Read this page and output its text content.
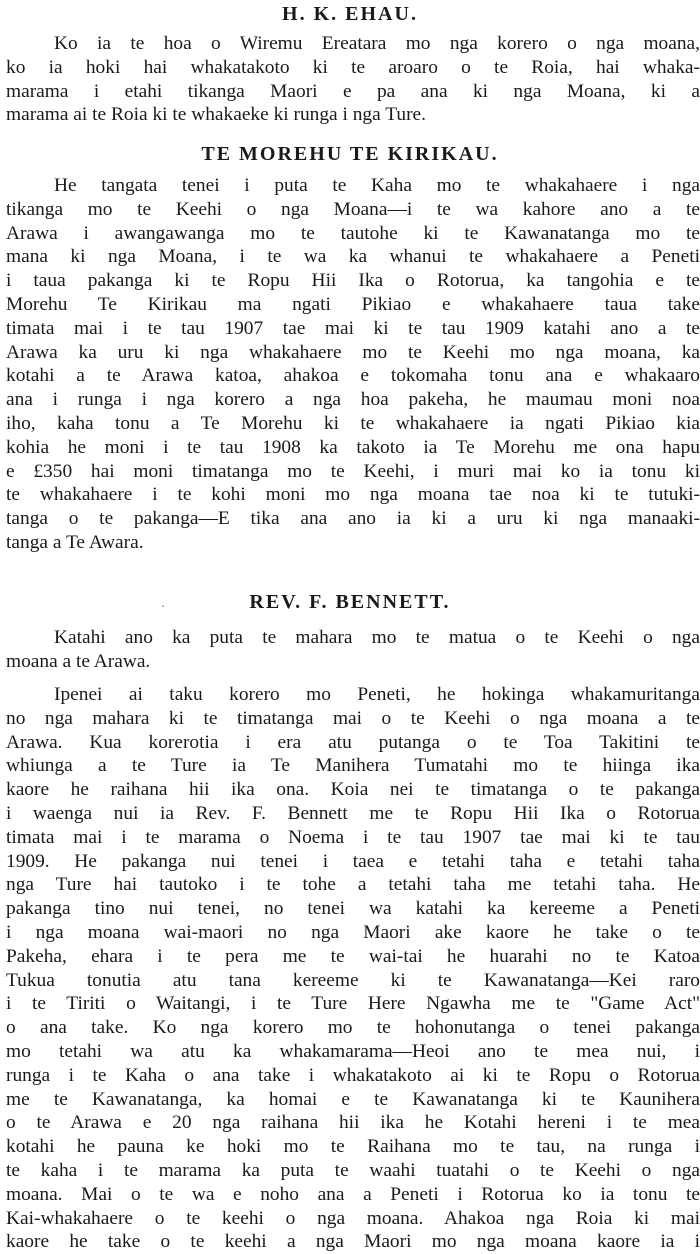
H. K. EHAU.
Ko ia te hoa o Wiremu Ereatara mo nga korero o nga moana,
ko ia hoki hai whakatakoto ki te aroaro o te Roia, hai whaka-
marama i etahi tikanga Maori e pa ana ki nga Moana, ki a
marama ai te Roia ki te whakaeke ki runga i nga Ture.
TE MOREHU TE KIRIKAU.
He tangata tenei i puta te Kaha mo te whakahaere i nga
tikanga mo te Keehi o nga Moana—i te wa kahore ano a te
Arawa i awangawanga mo te tautohe ki te Kawanatanga mo te
mana ki nga Moana, i te wa ka whanui te whakahaere a Peneti
i taua pakanga ki te Ropu Hii Ika o Rotorua, ka tangohia e te
Morehu Te Kirikau ma ngati Pikiao e whakahaere taua take
timata mai i te tau 1907 tae mai ki te tau 1909 katahi ano a te
Arawa ka uru ki nga whakahaere mo te Keehi mo nga moana, ka
kotahi a te Arawa katoa, ahakoa e tokomaha tonu ana e whakaaro
ana i runga i nga korero a nga hoa pakeha, he maumau moni noa
iho, kaha tonu a Te Morehu ki te whakahaere ia ngati Pikiao kia
kohia he moni i te tau 1908 ka takoto ia Te Morehu me ona hapu
e £350 hai moni timatanga mo te Keehi, i muri mai ko ia tonu ki
te whakahaere i te kohi moni mo nga moana tae noa ki te tutuki-
tanga o te pakanga—E tika ana ano ia ki a uru ki nga manaaki-
tanga a Te Awara.
·	REV. F. BENNETT.
Katahi ano ka puta te mahara mo te matua o te Keehi o nga
moana a te Arawa.
Ipenei ai taku korero mo Peneti, he hokinga whakamuritanga
no nga mahara ki te timatanga mai o te Keehi o nga moana a te
Arawa. Kua korerotia i era atu putanga o te Toa Takitini te
whiunga a te Ture ia Te Manihera Tumatahi mo te hiinga ika
kaore he raihana hii ika ona. Koia nei te timatanga o te pakanga
i waenga nui ia Rev. F. Bennett me te Ropu Hii Ika o Rotorua
timata mai i te marama o Noema i te tau 1907 tae mai ki te tau
1909. He pakanga nui tenei i taea e tetahi taha e tetahi taha
nga Ture hai tautoko i te tohe a tetahi taha me tetahi taha. He
pakanga tino nui tenei, no tenei wa katahi ka kereeme a Peneti
i nga moana wai-maori no nga Maori ake kaore he take o te
Pakeha, ehara i te pera me te wai-tai he huarahi no te Katoa
Tukua tonutia atu tana kereeme ki te Kawanatanga—Kei raro
i te Tiriti o Waitangi, i te Ture Here Ngawha me te "Game Act"
o ana take. Ko nga korero mo te hohonutanga o tenei pakanga
mo tetahi wa atu ka whakamarama—Heoi ano te mea nui, i
runga i te Kaha o ana take i whakatakoto ai ki te Ropu o Rotorua
me te Kawanatanga, ka homai e te Kawanatanga ki te Kaunihera
o te Arawa e 20 nga raihana hii ika he Kotahi hereni i te mea
kotahi he pauna ke hoki mo te Raihana mo te tau, na runga i
te kaha i te marama ka puta te waahi tuatahi o te Keehi o nga
moana. Mai o te wa e noho ana a Peneti i Rotorua ko ia tonu te
Kai-whakahaere o te keehi o nga moana. Ahakoa nga Roia ki mai
kaore he take o te keehi a nga Maori mo nga moana kaore ia i
